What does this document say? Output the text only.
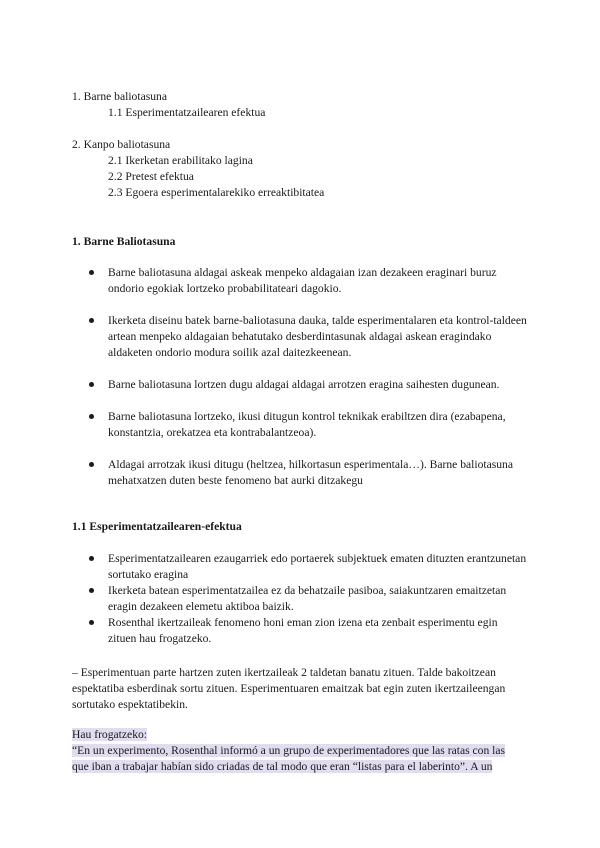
1. Barne baliotasuna
1.1 Esperimentatzailearen efektua
2. Kanpo baliotasuna
2.1 Ikerketan erabilitako lagina
2.2 Pretest efektua
2.3 Egoera esperimentalarekiko erreaktibitatea
1. Barne Baliotasuna
Barne baliotasuna aldagai askeak menpeko aldagaian izan dezakeen eraginari buruz ondorio egokiak lortzeko probabilitateari dagokio.
Ikerketa diseinu batek barne-baliotasuna dauka, talde esperimentalaren eta kontrol-taldeen artean menpeko aldagaian behatutako desberdintasunak aldagai askean eragindako aldaketen ondorio modura soilik azal daitezkeenean.
Barne baliotasuna lortzen dugu aldagai aldagai arrotzen eragina saihesten dugunean.
Barne baliotasuna lortzeko, ikusi ditugun kontrol teknikak erabiltzen dira (ezabapena, konstantzia, orekatzea eta kontrabalantzeoa).
Aldagai arrotzak ikusi ditugu (heltzea, hilkortasun esperimentala…). Barne baliotasuna mehatxatzen duten beste fenomeno bat aurki ditzakegu
1.1 Esperimentatzailearen-efektua
Esperimentatzailearen ezaugarriek edo portaerek subjektuek ematen dituzten erantzunetan sortutako eragina
Ikerketa batean esperimentatzailea ez da behatzaile pasiboa, saiakuntzaren emaitzetan eragin dezakeen elemetu aktiboa baizik.
Rosenthal ikertzaileak fenomeno honi eman zion izena eta zenbait esperimentu egin zituen hau frogatzeko.
– Esperimentuan parte hartzen zuten ikertzaileak 2 taldetan banatu zituen. Talde bakoitzean espektatiba esberdinak sortu zituen. Esperimentuaren emaitzak bat egin zuten ikertzaileengan sortutako espektatibekin.
Hau frogatzeko:
“En un experimento, Rosenthal informó a un grupo de experimentadores que las ratas con las
que iban a trabajar habían sido criadas de tal modo que eran “listas para el laberinto”. A un
